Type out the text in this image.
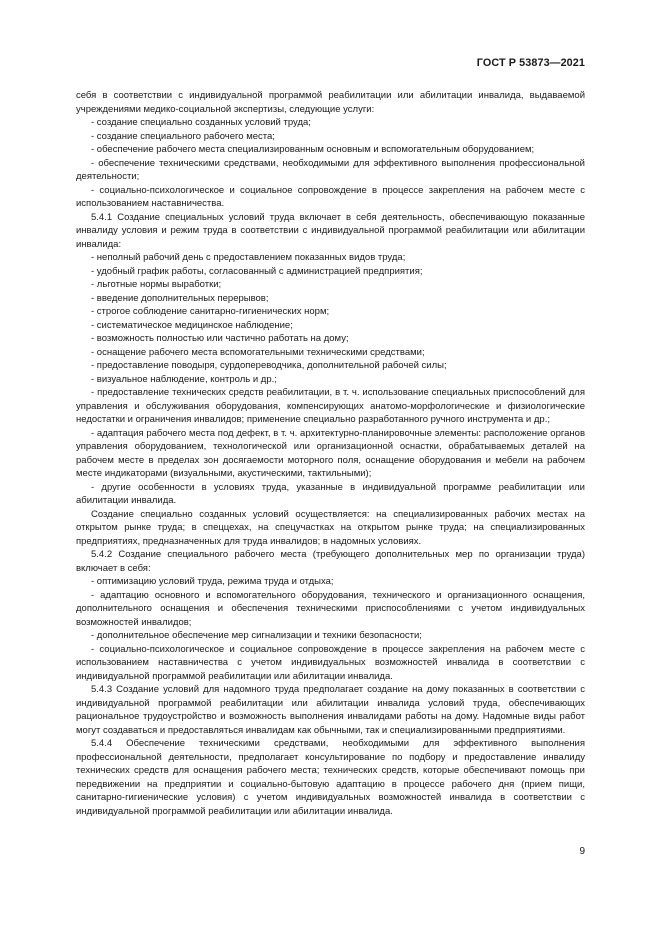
ГОСТ Р 53873—2021

себя в соответствии с индивидуальной программой реабилитации или абилитации инвалида, выдаваемой учреждениями медико-социальной экспертизы, следующие услуги:

- создание специально созданных условий труда;

- создание специального рабочего места;

- обеспечение рабочего места специализированным основным и вспомогательным оборудованием;

- обеспечение техническими средствами, необходимыми для эффективного выполнения профессиональной деятельности;

- социально-психологическое и социальное сопровождение в процессе закрепления на рабочем месте с использованием наставничества.

5.4.1 Создание специальных условий труда включает в себя деятельность, обеспечивающую показанные инвалиду условия и режим труда в соответствии с индивидуальной программой реабилитации или абилитации инвалида:

- неполный рабочий день с предоставлением показанных видов труда;

- удобный график работы, согласованный с администрацией предприятия;

- льготные нормы выработки;

- введение дополнительных перерывов;

- строгое соблюдение санитарно-гигиенических норм;

- систематическое медицинское наблюдение;

- возможность полностью или частично работать на дому;

- оснащение рабочего места вспомогательными техническими средствами;

- предоставление поводыря, сурдопереводчика, дополнительной рабочей силы;

- визуальное наблюдение, контроль и др.;

- предоставление технических средств реабилитации, в т. ч. использование специальных приспособлений для управления и обслуживания оборудования, компенсирующих анатомо-морфологические и физиологические недостатки и ограничения инвалидов; применение специально разработанного ручного инструмента и др.;

- адаптация рабочего места под дефект, в т. ч. архитектурно-планировочные элементы: расположение органов управления оборудованием, технологической или организационной оснастки, обрабатываемых деталей на рабочем месте в пределах зон досягаемости моторного поля, оснащение оборудования и мебели на рабочем месте индикаторами (визуальными, акустическими, тактильными);

- другие особенности в условиях труда, указанные в индивидуальной программе реабилитации или абилитации инвалида.

Создание специально созданных условий осуществляется: на специализированных рабочих местах на открытом рынке труда; в спеццехах, на спецучастках на открытом рынке труда; на специализированных предприятиях, предназначенных для труда инвалидов; в надомных условиях.

5.4.2 Создание специального рабочего места (требующего дополнительных мер по организации труда) включает в себя:

- оптимизацию условий труда, режима труда и отдыха;

- адаптацию основного и вспомогательного оборудования, технического и организационного оснащения, дополнительного оснащения и обеспечения техническими приспособлениями с учетом индивидуальных возможностей инвалидов;

- дополнительное обеспечение мер сигнализации и техники безопасности;

- социально-психологическое и социальное сопровождение в процессе закрепления на рабочем месте с использованием наставничества с учетом индивидуальных возможностей инвалида в соответствии с индивидуальной программой реабилитации или абилитации инвалида.

5.4.3 Создание условий для надомного труда предполагает создание на дому показанных в соответствии с индивидуальной программой реабилитации или абилитации инвалида условий труда, обеспечивающих рациональное трудоустройство и возможность выполнения инвалидами работы на дому. Надомные виды работ могут создаваться и предоставляться инвалидам как обычными, так и специализированными предприятиями.

5.4.4 Обеспечение техническими средствами, необходимыми для эффективного выполнения профессиональной деятельности, предполагает консультирование по подбору и предоставление инвалиду технических средств для оснащения рабочего места; технических средств, которые обеспечивают помощь при передвижении на предприятии и социально-бытовую адаптацию в процессе рабочего дня (прием пищи, санитарно-гигиенические условия) с учетом индивидуальных возможностей инвалида в соответствии с индивидуальной программой реабилитации или абилитации инвалида.

9
